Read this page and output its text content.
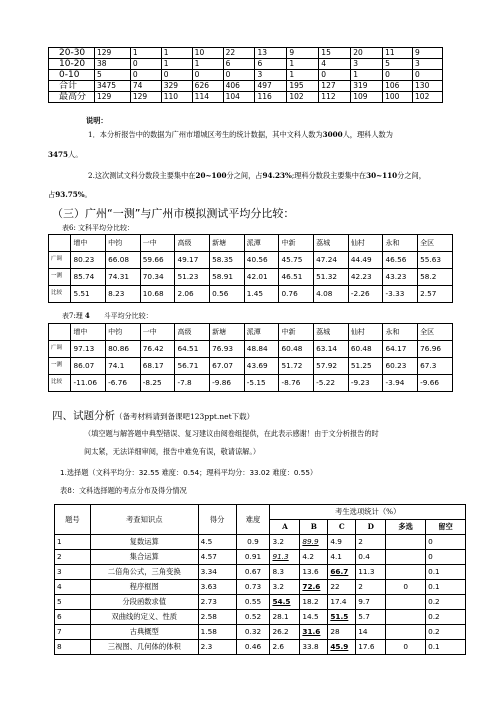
20-30	129	1	1	10	22	13	9	15	20	11	9
10-20	38	0	1	1	6	6	1	4	3	5	3
0-10	5	0	0	0	0	3	1	0	1	0	0
合计	3475	74	329	626	406	497	195	127	319	106	130
最高分	129	129	110	114	104	116	102	112	109	100	102
说明：
1．本分析报告中的数据为广州市增城区考生的统计数据，其中文科人数为3000人，理科人数为
3475人。
2.这次测试文科分数段主要集中在20~100分之间，占94.23%;理科分数段主要集中在30~110分之间，
占93.75%。
（三）广州“一测”与广州市模拟测试平均分比较：
表6: 文科平均分比较：
	增中	中钧	一中	高级	新塘	派潭	中新	荔城	仙村	永和	全区
广调	80.23	66.08	59.66	49.17	58.35	40.56	45.75	47.24	44.49	46.56	55.63
一测	85.74	74.31	70.34	51.23	58.91	42.01	46.51	51.32	42.23	43.23	58.2
比较	5.51	8.23	10.68	2.06	0.56	1.45	0.76	4.08	-2.26	-3.33	2.57
表7:理 4 斗平均分比较：
	增中	中钧	一中	高级	新塘	派潭	中新	荔城	仙村	永和	全区
广调	97.13	80.86	76.42	64.51	76.93	48.84	60.48	63.14	60.48	64.17	76.96
一测	86.07	74.1	68.17	56.71	67.07	43.69	51.72	57.92	51.25	60.23	67.3
比较	-11.06	-6.76	-8.25	-7.8	-9.86	-5.15	-8.76	-5.22	-9.23	-3.94	-9.66
四、试题分析（备考材料请到备课吧123ppt.net下载）
（填空题与解答题中典型错误、复习建议由阅卷组提供，在此表示感谢！由于文分析报告的时
间太紧，无法详细审阅，报告中难免有误，敬请谅解。）
1.选择题（文科平均分：32.55 难度：0.54；理科平均分：33.02 难度：0.55）
表8：文科选择题的考点分布及得分情况
题号	考查知识点	得分	难度	考生选项统计（%）					
				A	B	C	D	多选	留空
1	复数运算	4.5	0.9	3.2	89.9	4.9	2		0
2	集合运算	4.57	0.91	91.3	4.2	4.1	0.4		0
3	二倍角公式，三角变换	3.34	0.67	8.3	13.6	66.7	11.3		0.1
4	程序框图	3.63	0.73	3.2	72.6	22	2	0	0.1
5	分段函数求值	2.73	0.55	54.5	18.2	17.4	9.7		0.2
6	双曲线的定义、性质	2.58	0.52	28.1	14.5	51.5	5.7		0.2
7	古典概型	1.58	0.32	26.2	31.6	28	14		0.2
8	三视图、几何体的体积	2.3	0.46	2.6	33.8	45.9	17.6	0	0.1
